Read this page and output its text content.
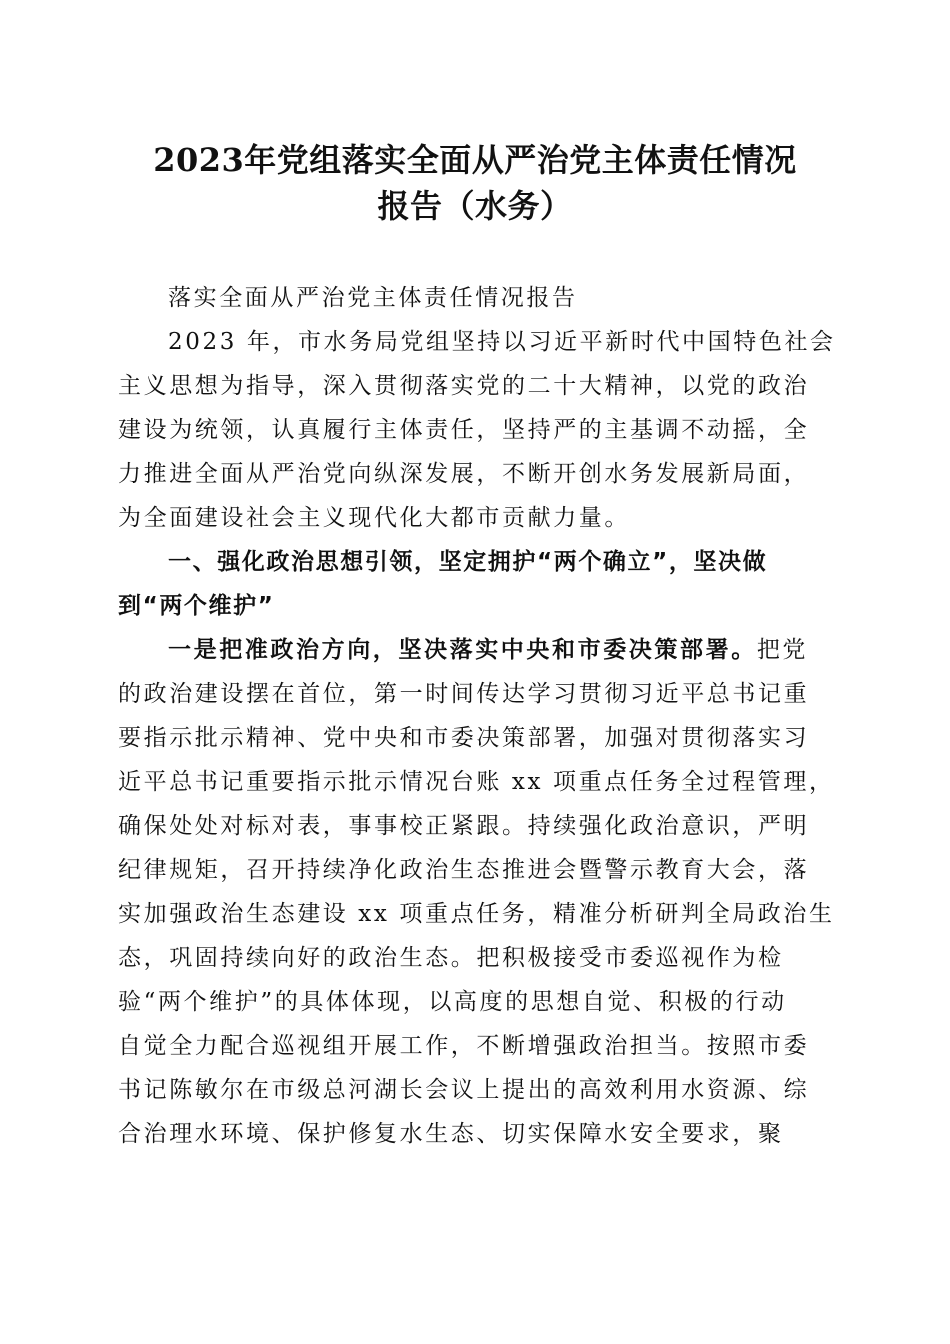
2023年党组落实全面从严治党主体责任情况
报告（水务）

落实全面从严治党主体责任情况报告

2023 年，市水务局党组坚持以习近平新时代中国特色社会
主义思想为指导，深入贯彻落实党的二十大精神，以党的政治
建设为统领，认真履行主体责任，坚持严的主基调不动摇，全
力推进全面从严治党向纵深发展，不断开创水务发展新局面，
为全面建设社会主义现代化大都市贡献力量。

一、强化政治思想引领，坚定拥护“两个确立”，坚决做
到“两个维护”

一是把准政治方向，坚决落实中央和市委决策部署。把党
的政治建设摆在首位，第一时间传达学习贯彻习近平总书记重
要指示批示精神、党中央和市委决策部署，加强对贯彻落实习
近平总书记重要指示批示情况台账 xx 项重点任务全过程管理，
确保处处对标对表，事事校正紧跟。持续强化政治意识，严明
纪律规矩，召开持续净化政治生态推进会暨警示教育大会，落
实加强政治生态建设 xx 项重点任务，精准分析研判全局政治生
态，巩固持续向好的政治生态。把积极接受市委巡视作为检
验“两个维护”的具体体现，以高度的思想自觉、积极的行动
自觉全力配合巡视组开展工作，不断增强政治担当。按照市委
书记陈敏尔在市级总河湖长会议上提出的高效利用水资源、综
合治理水环境、保护修复水生态、切实保障水安全要求，聚
